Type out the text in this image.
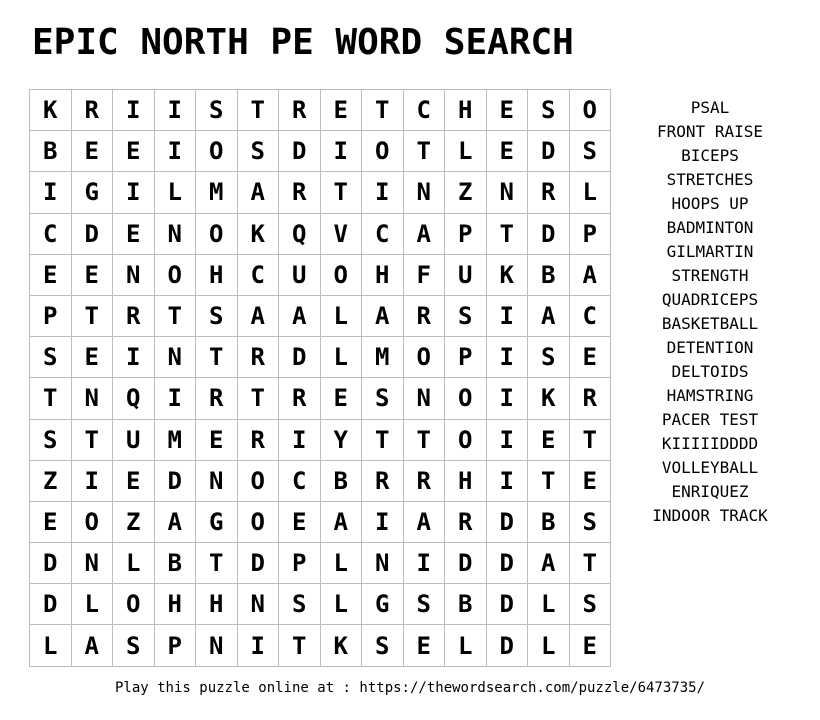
EPIC NORTH PE WORD SEARCH
K	R	I	I	S	T	R	E	T	C	H	E	S	O
B	E	E	I	O	S	D	I	O	T	L	E	D	S
I	G	I	L	M	A	R	T	I	N	Z	N	R	L
C	D	E	N	O	K	Q	V	C	A	P	T	D	P
E	E	N	O	H	C	U	O	H	F	U	K	B	A
P	T	R	T	S	A	A	L	A	R	S	I	A	C
S	E	I	N	T	R	D	L	M	O	P	I	S	E
T	N	Q	I	R	T	R	E	S	N	O	I	K	R
S	T	U	M	E	R	I	Y	T	T	O	I	E	T
Z	I	E	D	N	O	C	B	R	R	H	I	T	E
E	O	Z	A	G	O	E	A	I	A	R	D	B	S
D	N	L	B	T	D	P	L	N	I	D	D	A	T
D	L	O	H	H	N	S	L	G	S	B	D	L	S
L	A	S	P	N	I	T	K	S	E	L	D	L	E
PSAL
FRONT RAISE
BICEPS
STRETCHES
HOOPS UP
BADMINTON
GILMARTIN
STRENGTH
QUADRICEPS
BASKETBALL
DETENTION
DELTOIDS
HAMSTRING
PACER TEST
KIIIIIDDDD
VOLLEYBALL
ENRIQUEZ
INDOOR TRACK
Play this puzzle online at : https://thewordsearch.com/puzzle/6473735/
